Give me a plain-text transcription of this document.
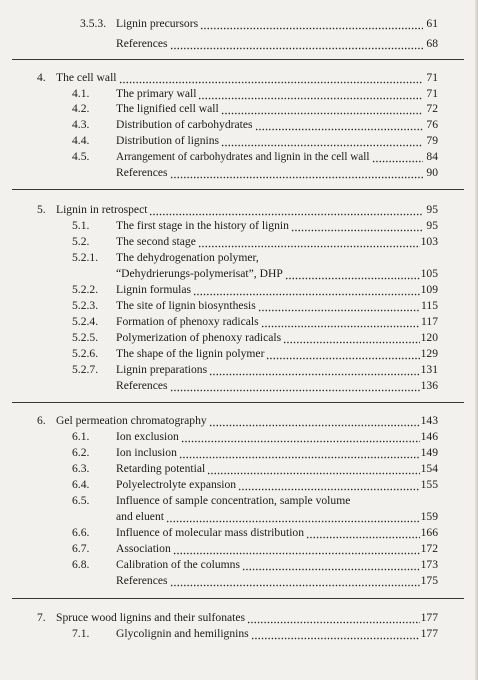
3.5.3. Lignin precursors	61
References	68
4. The cell wall	71
4.1. The primary wall	71
4.2. The lignified cell wall	72
4.3. Distribution of carbohydrates	76
4.4. Distribution of lignins	79
4.5. Arrangement of carbohydrates and lignin in the cell wall	84
References	90
5. Lignin in retrospect	95
5.1. The first stage in the history of lignin	95
5.2. The second stage	103
5.2.1. The dehydrogenation polymer,
“Dehydrierungs-polymerisat”, DHP	105
5.2.2. Lignin formulas	109
5.2.3. The site of lignin biosynthesis	115
5.2.4. Formation of phenoxy radicals	117
5.2.5. Polymerization of phenoxy radicals	120
5.2.6. The shape of the lignin polymer	129
5.2.7. Lignin preparations	131
References	136
6. Gel permeation chromatography	143
6.1. Ion exclusion	146
6.2. Ion inclusion	149
6.3. Retarding potential	154
6.4. Polyelectrolyte expansion	155
6.5. Influence of sample concentration, sample volume
and eluent	159
6.6. Influence of molecular mass distribution	166
6.7. Association	172
6.8. Calibration of the columns	173
References	175
7. Spruce wood lignins and their sulfonates	177
7.1. Glycolignin and hemilignins	177
